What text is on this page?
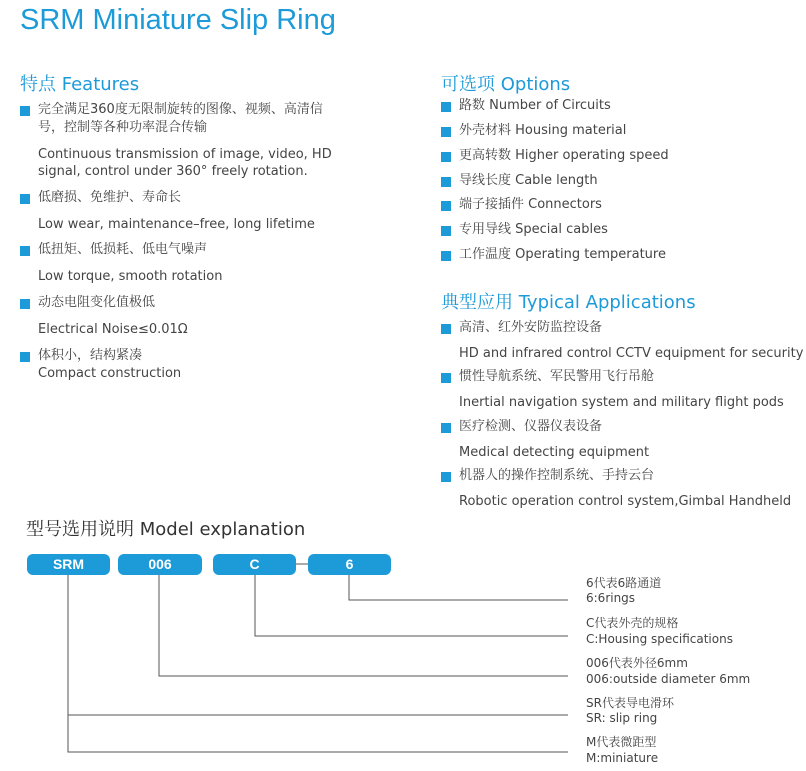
SRM Miniature Slip Ring
特点 Features
完全满足360度无限制旋转的图像、视频、高清信
号，控制等各种功率混合传输
Continuous transmission of image, video, HD
signal, control under 360° freely rotation.
低磨损、免维护、寿命长
Low wear, maintenance–free, long lifetime
低扭矩、低损耗、低电气噪声
Low torque, smooth rotation
动态电阻变化值极低
Electrical Noise≤0.01Ω
体积小，结构紧凑
Compact construction
可选项 Options
路数 Number of Circuits
外壳材料 Housing material
更高转数 Higher operating speed
导线长度 Cable length
端子接插件 Connectors
专用导线 Special cables
工作温度 Operating temperature
典型应用 Typical Applications
高清、红外安防监控设备
HD and infrared control CCTV equipment for security
惯性导航系统、军民警用飞行吊舱
Inertial navigation system and military flight pods
医疗检测、仪器仪表设备
Medical detecting equipment
机器人的操作控制系统、手持云台
Robotic operation control system,Gimbal Handheld
型号选用说明 Model explanation
SRM	006	C	6
6代表6路通道
6:6rings
C代表外壳的规格
C:Housing specifications
006代表外径6mm
006:outside diameter 6mm
SR代表导电滑环
SR: slip ring
M代表微距型
M:miniature
